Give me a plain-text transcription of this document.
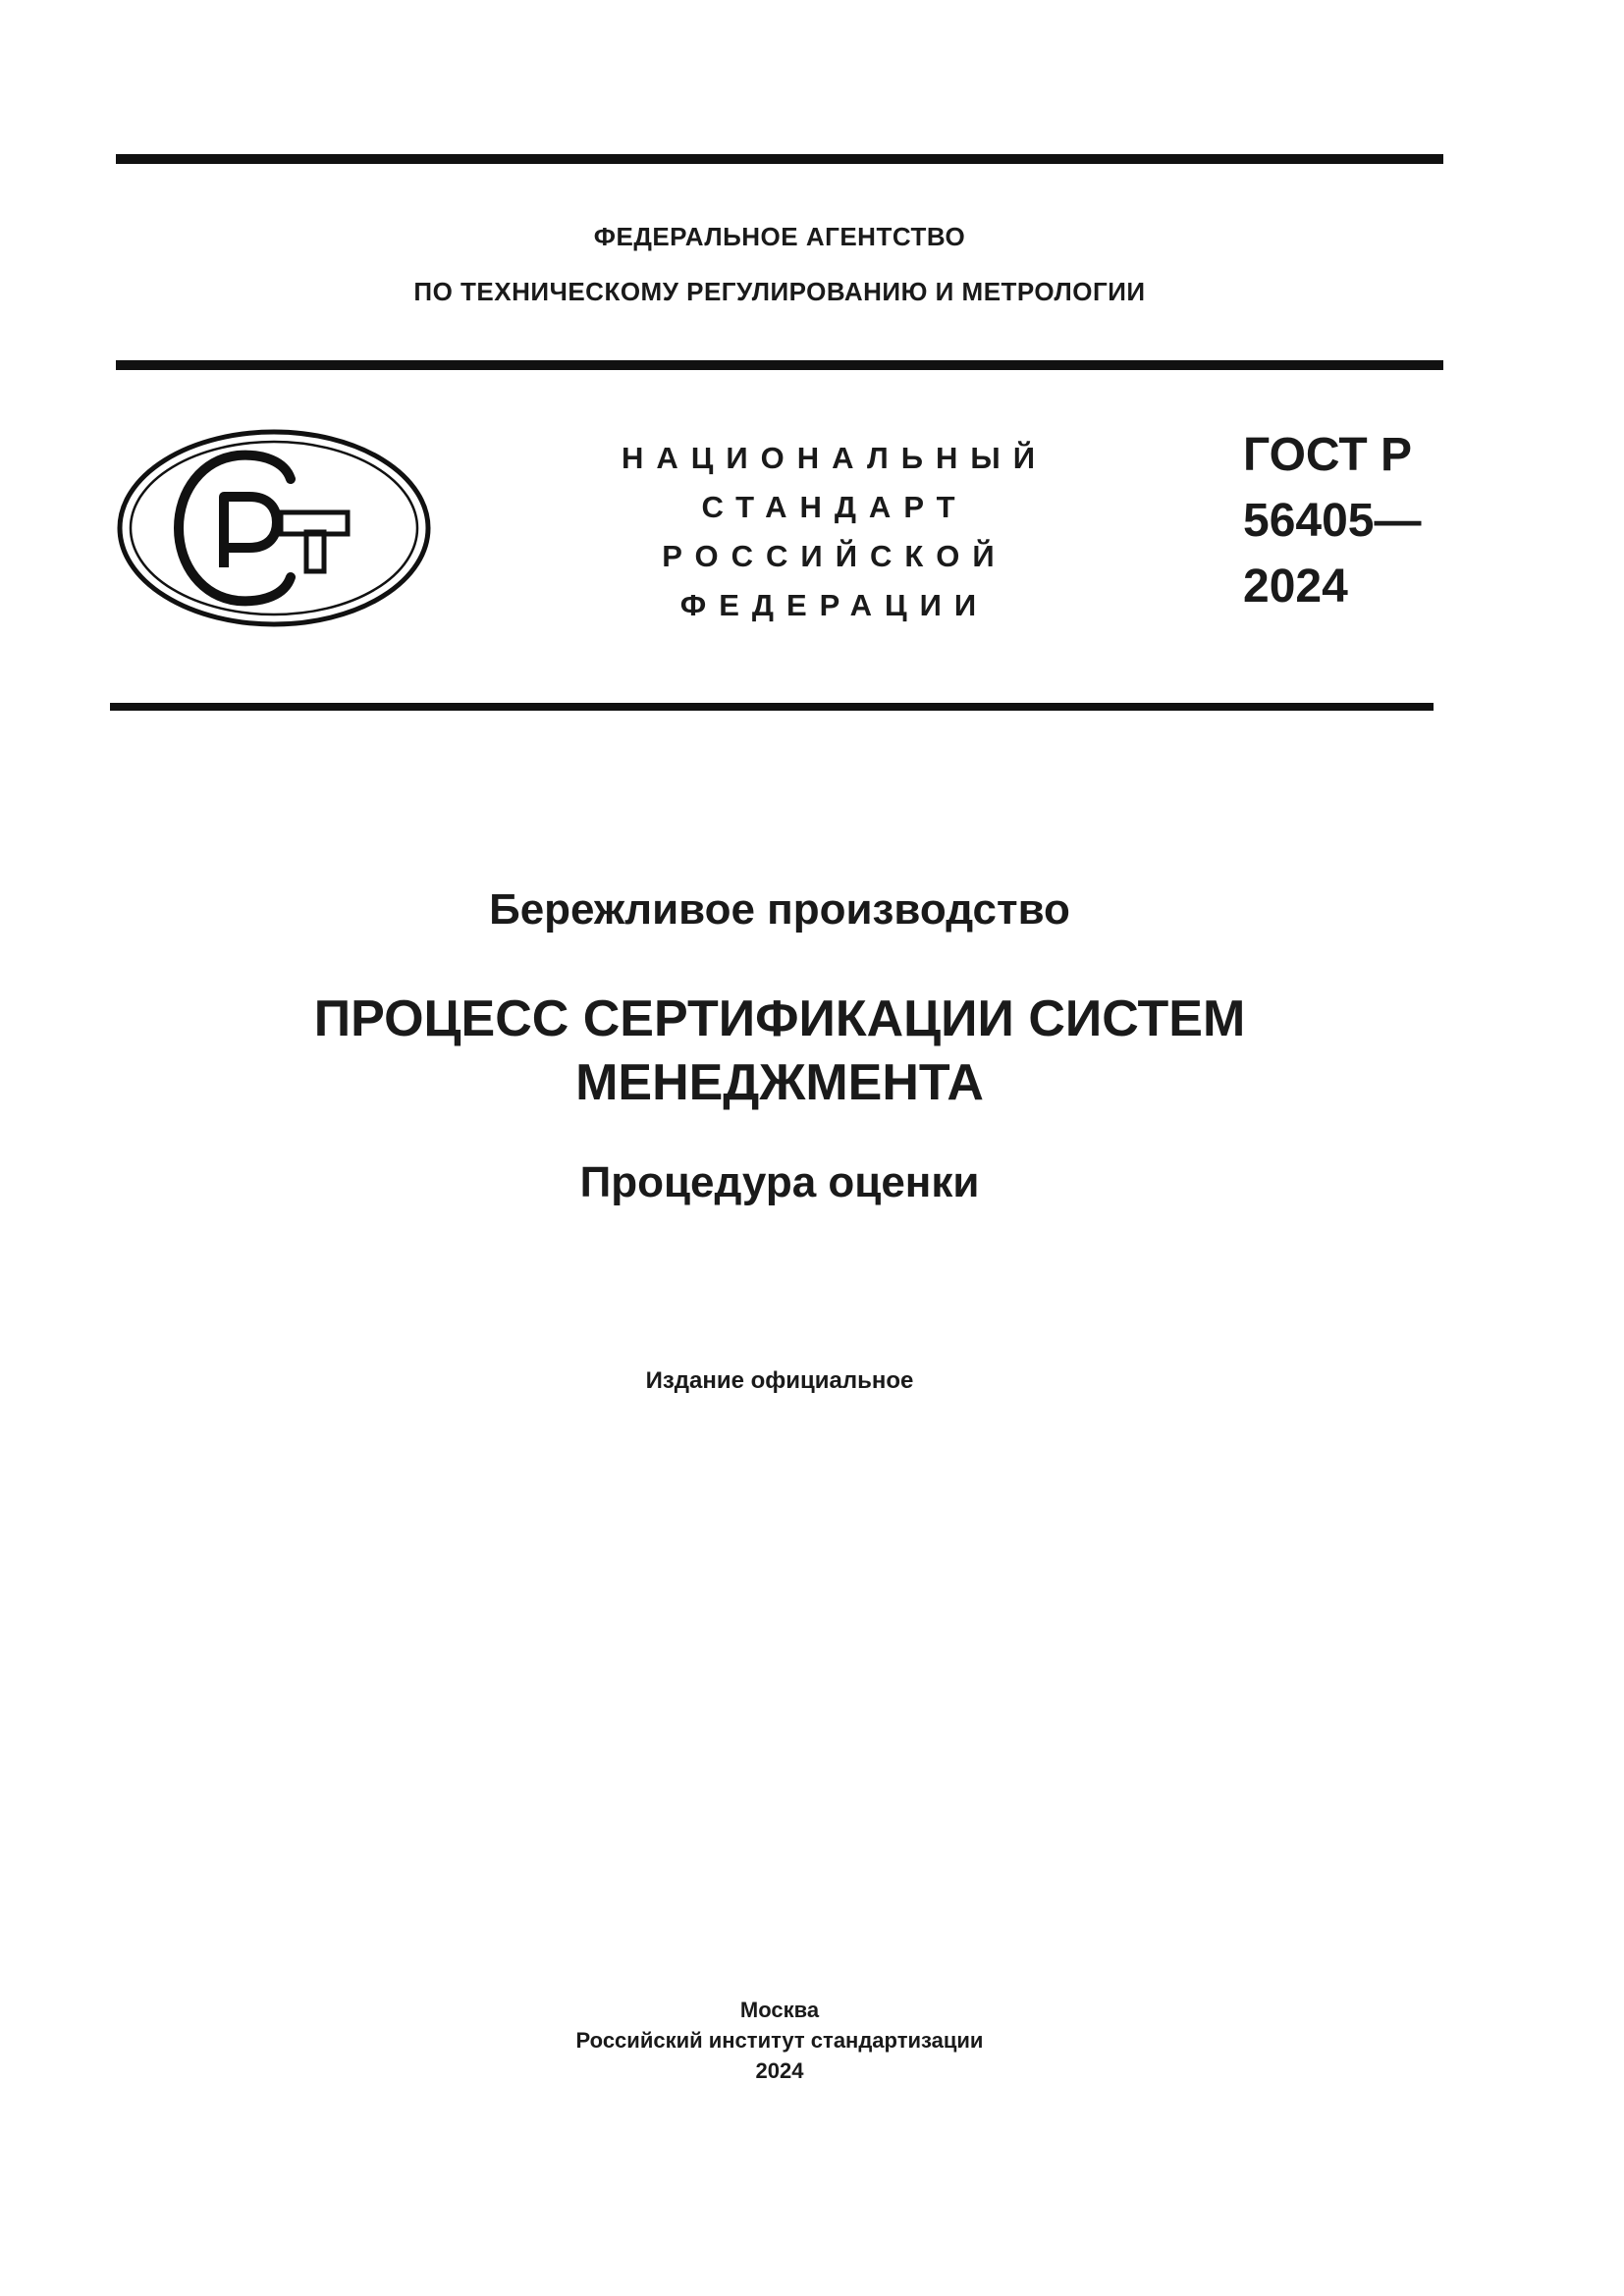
ФЕДЕРАЛЬНОЕ АГЕНТСТВО
ПО ТЕХНИЧЕСКОМУ РЕГУЛИРОВАНИЮ И МЕТРОЛОГИИ
НАЦИОНАЛЬНЫЙ
СТАНДАРТ
РОССИЙСКОЙ
ФЕДЕРАЦИИ
ГОСТ Р
56405—
2024
Бережливое производство
ПРОЦЕСС СЕРТИФИКАЦИИ СИСТЕМ
МЕНЕДЖМЕНТА
Процедура оценки
Издание официальное
Москва
Российский институт стандартизации
2024
